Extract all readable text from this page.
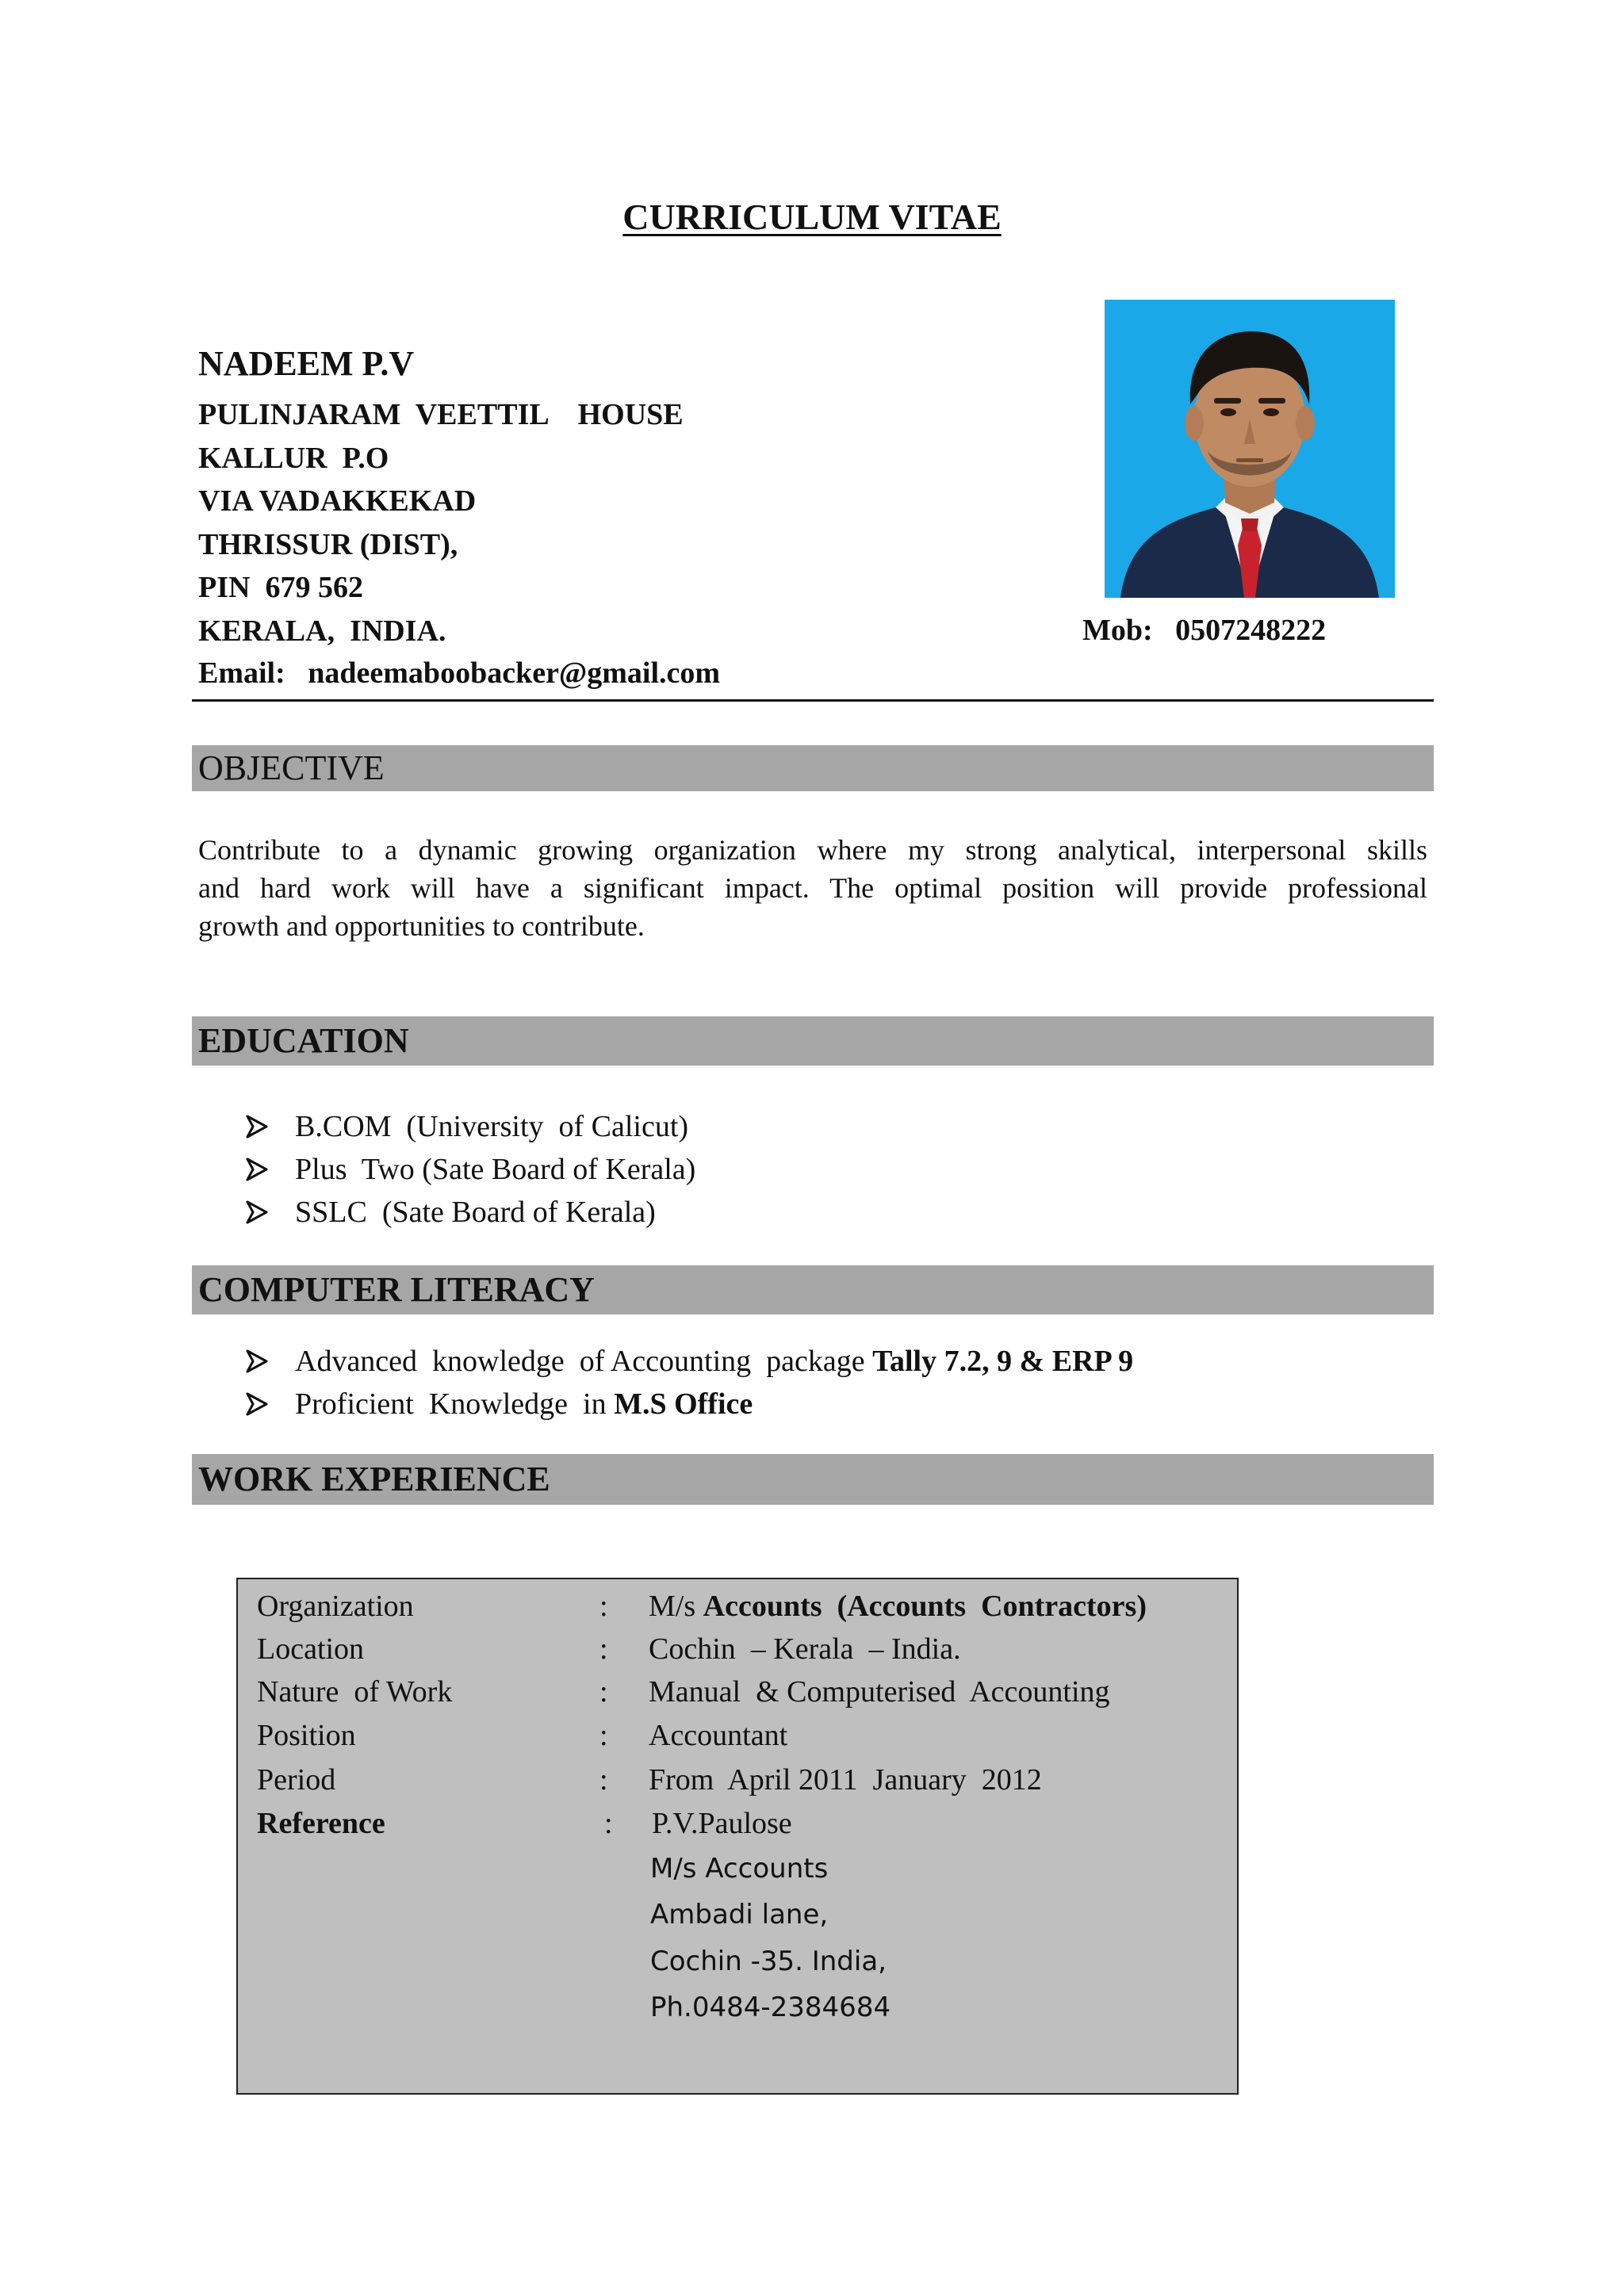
CURRICULUM VITAE
NADEEM P.V
PULINJARAM  VEETTIL    HOUSE
KALLUR  P.O
VIA VADAKKEKAD
THRISSUR (DIST),
PIN  679 562
KERALA,  INDIA.
Email: nadeemaboobacker@gmail.com
Mob: 0507248222
OBJECTIVE
Contribute to a dynamic growing organization where my strong analytical, interpersonal skills
and hard work will have a significant impact. The optimal position will provide professional
growth and opportunities to contribute.
EDUCATION
B.COM  (University  of Calicut)
Plus  Two (Sate Board of Kerala)
SSLC  (Sate Board of Kerala)
COMPUTER LITERACY
Advanced  knowledge  of Accounting  package Tally 7.2, 9 & ERP 9
Proficient  Knowledge  in M.S Office
WORK EXPERIENCE
Organization	: M/s Accounts  (Accounts  Contractors)
Location	: Cochin  – Kerala  – India.
Nature  of Work	: Manual  & Computerised  Accounting
Position	: Accountant
Period	: From  April 2011  January  2012
Reference	: P.V.Paulose
M/s Accounts
Ambadi lane,
Cochin -35. India,
Ph.0484-2384684
